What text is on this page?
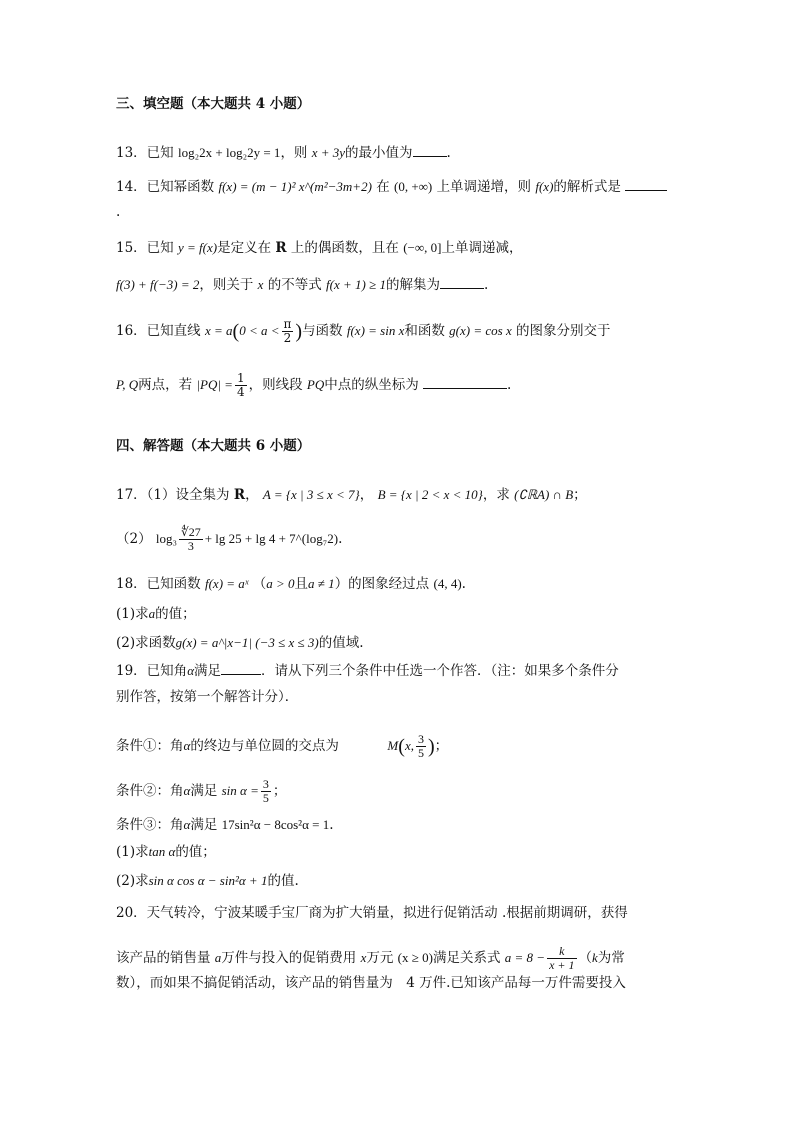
三、填空题（本大题共 4 小题）
13．已知 log₂2x + log₂2y = 1，则 x + 3y的最小值为	.
14．已知幂函数 f(x) = (m − 1)² x^(m²−3m+2) 在 (0, +∞) 上单调递增，则 f(x)的解析式是
.
15．已知 y = f(x)是定义在 R 上的偶函数，且在 (−∞, 0]上单调递减，
f(3) + f(−3) = 2，则关于 x 的不等式 f(x + 1) ≥ 1的解集为	.
16．已知直线 $x = a(0 < a < \frac{\pi}{2}$ )与函数 f(x) = sin x和函数 g(x) = cos x 的图象分别交于
P, Q两点，若 $|PQ| = \frac{1}{4}$ ，则线段 PQ中点的纵坐标为	.
四、解答题（本大题共 6 小题）
17．（1）设全集为 R， A = {x | 3 ≤ x < 7}， B = {x | 2 < x < 10}，求 (∁ℝA) ∩ B；
（2） $\log_3 \frac{∜27}{3} + \lg 25 + \lg 4$ + 7^(log₇2).
18．已知函数 f(x) = aˣ （a > 0且a ≠ 1）的图象经过点 (4, 4).
(1)求a的值；
(2)求函数g(x) = a^|x−1| (−3 ≤ x ≤ 3)的值域.
19．已知角α满足	．请从下列三个条件中任选一个作答．（注：如果多个条件分
别作答，按第一个解答计分）．
条件①：角α的终边与单位圆的交点为	M(x, $\frac{3}{5}$ )；
条件②：角α满足 $\sin \alpha = \frac{3}{5}$ ；
条件③：角α满足 17sin²α − 8cos²α = 1.
(1)求tan α的值；
(2)求sin α cos α − sin²α + 1的值.
20．天气转冷，宁波某暖手宝厂商为扩大销量，拟进行促销活动 .根据前期调研，获得
该产品的销售量 a万件与投入的促销费用 x万元 (x ≥ 0)满足关系式 $a = 8 - \frac{k}{x + 1} (k$为常
数），而如果不搞促销活动，该产品的销售量为　4 万件.已知该产品每一万件需要投入
